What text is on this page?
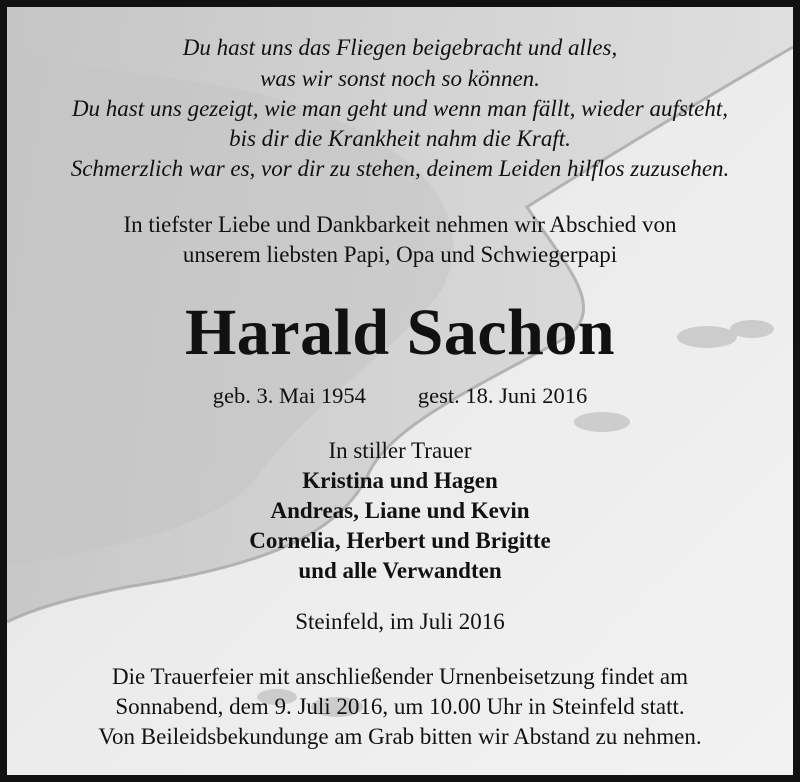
Du hast uns das Fliegen beigebracht und alles,
was wir sonst noch so können.
Du hast uns gezeigt, wie man geht und wenn man fällt, wieder aufsteht,
bis dir die Krankheit nahm die Kraft.
Schmerzlich war es, vor dir zu stehen, deinem Leiden hilflos zuzusehen.
In tiefster Liebe und Dankbarkeit nehmen wir Abschied von
unserem liebsten Papi, Opa und Schwiegerpapi
Harald Sachon
geb. 3. Mai 1954 gest. 18. Juni 2016
In stiller Trauer
Kristina und Hagen
Andreas, Liane und Kevin
Cornelia, Herbert und Brigitte
und alle Verwandten
Steinfeld, im Juli 2016
Die Trauerfeier mit anschließender Urnenbeisetzung findet am
Sonnabend, dem 9. Juli 2016, um 10.00 Uhr in Steinfeld statt.
Von Beileidsbekundunge am Grab bitten wir Abstand zu nehmen.
